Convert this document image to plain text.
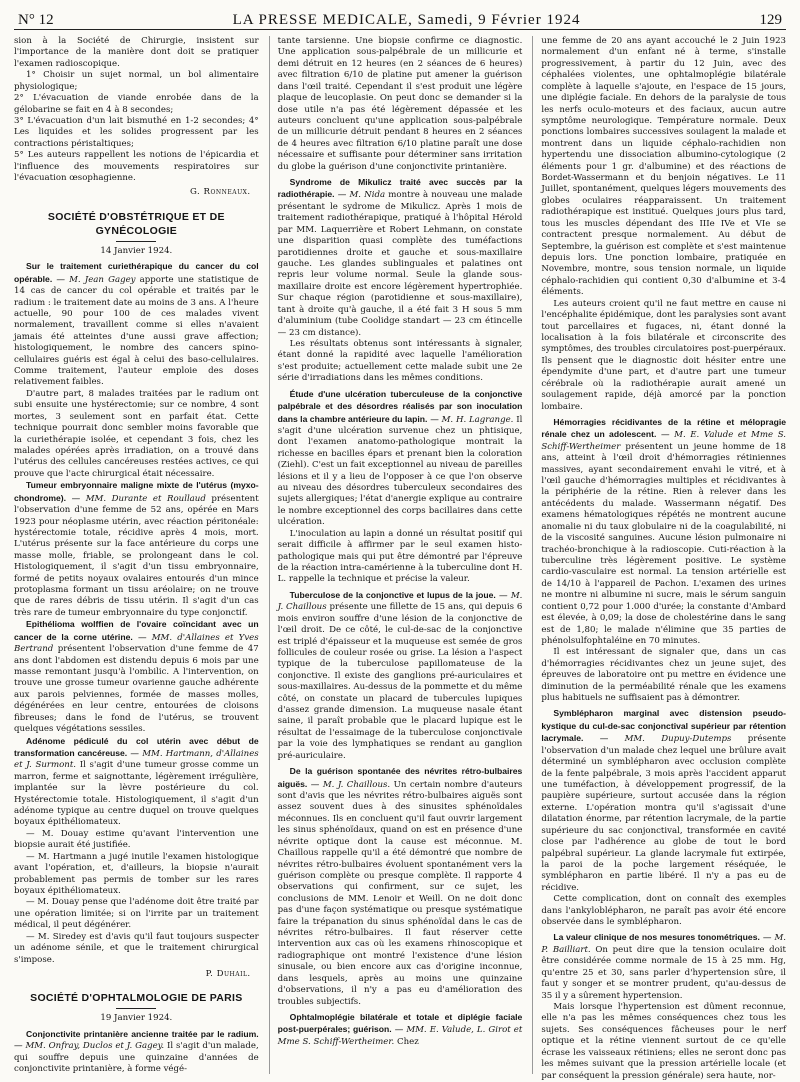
N° 12	LA PRESSE MEDICALE, Samedi, 9 Février 1924	129

sion à la Société de Chirurgie, insistent sur l'importance de la manière dont doit se pratiquer l'examen radioscopique.

1° Choisir un sujet normal, un bol alimentaire physiologique;

2° L'évacuation de viande enrobée dans de la gélobarine se fait en 4 à 8 secondes;

3° L'évacuation d'un lait bismuthé en 1-2 secondes; 4° Les liquides et les solides progressent par les contractions péristaltiques;

5° Les auteurs rappellent les notions de l'épicardia et l'influence des mouvements respiratoires sur l'évacuation œsophagienne.

G. Ronneaux.
SOCIÉTÉ D'OBSTÉTRIQUE ET DE GYNÉCOLOGIE
14 Janvier 1924.

Sur le traitement curiethérapique du cancer du col opérable. — M. Jean Gagey apporte une statistique de 14 cas de cancer du col opérable et traités par le radium : le traitement date au moins de 3 ans. A l'heure actuelle, 90 pour 100 de ces malades vivent normalement, travaillent comme si elles n'avaient jamais été atteintes d'une aussi grave affection; histologiquement, le nombre des cancers spino-cellulaires guéris est égal à celui des baso-cellulaires. Comme traitement, l'auteur emploie des doses relativement faibles.

D'autre part, 8 malades traitées par le radium ont subi ensuite une hystérectomie; sur ce nombre, 4 sont mortes, 3 seulement sont en parfait état. Cette technique pourrait donc sembler moins favorable que la curiethérapie isolée, et cependant 3 fois, chez les malades opérées après irradiation, on a trouvé dans l'utérus des cellules cancéreuses restées actives, ce qui prouve que l'acte chirurgical était nécessaire.

Tumeur embryonnaire maligne mixte de l'utérus (myxo-chondrome). — MM. Durante et Roullaud présentent l'observation d'une femme de 52 ans, opérée en Mars 1923 pour néoplasme utérin, avec réaction péritonéale: hystérectomie totale, récidive après 4 mois, mort. L'utérus présente sur la face antérieure du corps une masse molle, friable, se prolongeant dans le col. Histologiquement, il s'agit d'un tissu embryonnaire, formé de petits noyaux ovalaires entourés d'un mince protoplasma formant un tissu aréolaire; on ne trouve que de rares débris de tissu utérin. Il s'agit d'un cas très rare de tumeur embryonnaire du type conjonctif.

Epithélioma wolffien de l'ovaire coïncidant avec un cancer de la corne utérine. — MM. d'Allaines et Yves Bertrand présentent l'observation d'une femme de 47 ans dont l'abdomen est distendu depuis 6 mois par une masse remontant jusqu'à l'ombilic. A l'intervention, on trouve une grosse tumeur ovarienne gauche adhérente aux parois pelviennes, formée de masses molles, dégénérées en leur centre, entourées de cloisons fibreuses; dans le fond de l'utérus, se trouvent quelques végétations sessiles.

Adénome pédiculé du col utérin avec début de transformation cancéreuse. — MM. Hartmann, d'Allaines et J. Surmont. Il s'agit d'une tumeur grosse comme un marron, ferme et saignottante, légèrement irrégulière, implantée sur la lèvre postérieure du col. Hystérectomie totale. Histologiquement, il s'agit d'un adénome typique au centre duquel on trouve quelques boyaux épithéliomateux.

— M. Douay estime qu'avant l'intervention une biopsie aurait été justifiée.

— M. Hartmann a jugé inutile l'examen histologique avant l'opération, et, d'ailleurs, la biopsie n'aurait probablement pas permis de tomber sur les rares boyaux épithéliomateux.

— M. Douay pense que l'adénome doit être traité par une opération limitée; si on l'irrite par un traitement médical, il peut dégénérer.

— M. Siredey est d'avis qu'il faut toujours suspecter un adénome sénile, et que le traitement chirurgical s'impose.

P. Duhail.
SOCIÉTÉ D'OPHTALMOLOGIE DE PARIS
19 Janvier 1924.

Conjonctivite printanière ancienne traitée par le radium. — MM. Onfray, Duclos et J. Gagey. Il s'agit d'un malade, qui souffre depuis une quinzaine d'années de conjonctivite printanière, à forme végé-

tante tarsienne. Une biopsie confirme ce diagnostic. Une application sous-palpébrale de un millicurie et demi détruit en 12 heures (en 2 séances de 6 heures) avec filtration 6/10 de platine put amener la guérison dans l'œil traité. Cependant il s'est produit une légère plaque de leucoplasie. On peut donc se demander si la dose utile n'a pas été légèrement dépassée et les auteurs concluent qu'une application sous-palpébrale de un millicurie détruit pendant 8 heures en 2 séances de 4 heures avec filtration 6/10 platine paraît une dose nécessaire et suffisante pour déterminer sans irritation du globe la guérison d'une conjonctivite printanière.

Syndrome de Mikulicz traité avec succès par la radiothérapie. — M. Nida montre à nouveau une malade présentant le sydrome de Mikulicz. Après 1 mois de traitement radiothérapique, pratiqué à l'hôpital Hérold par MM. Laquerrière et Robert Lehmann, on constate une disparition quasi complète des tuméfactions parotidiennes droite et gauche et sous-maxillaire gauche. Les glandes sublinguales et palatines ont repris leur volume normal. Seule la glande sous-maxillaire droite est encore légèrement hypertrophiée. Sur chaque région (parotidienne et sous-maxillaire), tant à droite qu'à gauche, il a été fait 3 H sous 5 mm d'aluminium (tube Coolidge standart — 23 cm étincelle — 23 cm distance).

Les résultats obtenus sont intéressants à signaler, étant donné la rapidité avec laquelle l'amélioration s'est produite; actuellement cette malade subit une 2e série d'irradiations dans les mêmes conditions.

Étude d'une ulcération tuberculeuse de la conjonctive palpébrale et des désordres réalisés par son inoculation dans la chambre antérieure du lapin. — M. H. Lagrange. Il s'agit d'une ulcération survenue chez un phtisique, dont l'examen anatomo-pathologique montrait la richesse en bacilles épars et prenant bien la coloration (Ziehl). C'est un fait exceptionnel au niveau de pareilles lésions et il y a lieu de l'opposer à ce que l'on observe au niveau des désordres tuberculeux secondaires des sujets allergiques; l'état d'anergie explique au contraire le nombre exceptionnel des corps bacillaires dans cette ulcération.

L'inoculation au lapin a donné un résultat positif qui serait difficile à affirmer par le seul examen histo-pathologique mais qui put être démontré par l'épreuve de la réaction intra-camérienne à la tuberculine dont H. L. rappelle la technique et précise la valeur.

Tuberculose de la conjonctive et lupus de la joue. — M. J. Chaillous présente une fillette de 15 ans, qui depuis 6 mois environ souffre d'une lésion de la conjonctive de l'œil droit. De ce côté, le cul-de-sac de la conjonctive est triplé d'épaisseur et la muqueuse est semée de gros follicules de couleur rosée ou grise. La lésion a l'aspect typique de la tuberculose papillomateuse de la conjonctive. Il existe des ganglions pré-auriculaires et sous-maxillaires. Au-dessus de la pommette et du même côté, on constate un placard de tubercules lupiques d'assez grande dimension. La muqueuse nasale étant saine, il paraît probable que le placard lupique est le résultat de l'essaimage de la tuberculose conjonctivale par la voie des lymphatiques se rendant au ganglion pré-auriculaire.

De la guérison spontanée des névrites rétro-bulbaires aiguës. — M. J. Chaillous. Un certain nombre d'auteurs sont d'avis que les névrites rétro-bulbaires aiguës sont assez souvent dues à des sinusites sphénoïdales méconnues. Ils en concluent qu'il faut ouvrir largement les sinus sphénoïdaux, quand on est en présence d'une névrite optique dont la cause est méconnue. M. Chaillous rappelle qu'il a été démontré que nombre de névrites rétro-bulbaires évoluent spontanément vers la guérison complète ou presque complète. Il rapporte 4 observations qui confirment, sur ce sujet, les conclusions de MM. Lenoir et Weill. On ne doit donc pas d'une façon systématique ou presque systématique faire la trépanation du sinus sphénoïdal dans le cas de névrites rétro-bulbaires. Il faut réserver cette intervention aux cas où les examens rhinoscopique et radiographique ont montré l'existence d'une lésion sinusale, ou bien encore aux cas d'origine inconnue, dans lesquels, après au moins une quinzaine d'observations, il n'y a pas eu d'amélioration des troubles subjectifs.

Ophtalmoplégie bilatérale et totale et diplégie faciale post-puerpérales; guérison. — MM. E. Valude, L. Girot et Mme S. Schiff-Wertheimer. Chez

une femme de 20 ans ayant accouché le 2 Juin 1923 normalement d'un enfant né à terme, s'installe progressivement, à partir du 12 Juin, avec des céphalées violentes, une ophtalmoplégie bilatérale complète à laquelle s'ajoute, en l'espace de 15 jours, une diplégie faciale. En dehors de la paralysie de tous les nerfs oculo-moteurs et des faciaux, aucun autre symptôme neurologique. Température normale. Deux ponctions lombaires successives soulagent la malade et montrent dans un liquide céphalo-rachidien non hypertendu une dissociation albumino-cytologique (2 éléments pour 1 gr. d'albumine) et des réactions de Bordet-Wassermann et du benjoin négatives. Le 11 Juillet, spontanément, quelques légers mouvements des globes oculaires réapparaissent. Un traitement radiothérapique est institué. Quelques jours plus tard, tous les muscles dépendant des IIIe IVe et VIe se contractent presque normalement. Au début de Septembre, la guérison est complète et s'est maintenue depuis lors. Une ponction lombaire, pratiquée en Novembre, montre, sous tension normale, un liquide céphalo-rachidien qui contient 0,30 d'albumine et 3-4 éléments.

Les auteurs croient qu'il ne faut mettre en cause ni l'encéphalite épidémique, dont les paralysies sont avant tout parcellaires et fugaces, ni, étant donné la localisation à la fois bilatérale et circonscrite des symptômes, des troubles circulatoires post-puerpéraux. Ils pensent que le diagnostic doit hésiter entre une épendymite d'une part, et d'autre part une tumeur cérébrale où la radiothérapie aurait amené un soulagement rapide, déjà amorcé par la ponction lombaire.

Hémorragies récidivantes de la rétine et mélopragie rénale chez un adolescent. — M. E. Valude et Mme S. Schiff-Wertheimer présentent un jeune homme de 18 ans, atteint à l'œil droit d'hémorragies rétiniennes massives, ayant secondairement envahi le vitré, et à l'œil gauche d'hémorragies multiples et récidivantes à la périphérie de la rétine. Rien à relever dans les antécédents du malade. Wassermann négatif. Des examens hématologiques répétés ne montrent aucune anomalie ni du taux globulaire ni de la coagulabilité, ni de la viscosité sanguines. Aucune lésion pulmonaire ni trachéo-bronchique à la radioscopie. Cuti-réaction à la tuberculine très légèrement positive. Le système cardio-vasculaire est normal. La tension artérielle est de 14/10 à l'appareil de Pachon. L'examen des urines ne montre ni albumine ni sucre, mais le sérum sanguin contient 0,72 pour 1.000 d'urée; la constante d'Ambard est élevée, à 0,09; la dose de cholestérine dans le sang est de 1,80; le malade n'élimine que 35 parties de phénolsulfophtaléine en 70 minutes.

Il est intéressant de signaler que, dans un cas d'hémorragies récidivantes chez un jeune sujet, des épreuves de laboratoire ont pu mettre en évidence une diminution de la perméabilité rénale que les examens plus habituels ne suffisaient pas à démontrer.

Symblépharon marginal avec distension pseudo-kystique du cul-de-sac conjonctival supérieur par rétention lacrymale. — MM. Dupuy-Dutemps présente l'observation d'un malade chez lequel une brûlure avait déterminé un symblépharon avec occlusion complète de la fente palpébrale, 3 mois après l'accident apparut une tuméfaction, à développement progressif, de la paupière supérieure, surtout accusée dans la région externe. L'opération montra qu'il s'agissait d'une dilatation énorme, par rétention lacrymale, de la partie supérieure du sac conjonctival, transformée en cavité close par l'adhérence au globe de tout le bord palpébral supérieur. La glande lacrymale fut extirpée, la paroi de la poche largement réséquée, le symblépharon en partie libéré. Il n'y a pas eu de récidive.

Cette complication, dont on connaît des exemples dans l'ankyloblépharon, ne paraît pas avoir été encore observée dans le symblépharon.

La valeur clinique de nos mesures tonométriques. — M. P. Bailliart. On peut dire que la tension oculaire doit être considérée comme normale de 15 à 25 mm. Hg, qu'entre 25 et 30, sans parler d'hypertension sûre, il faut y songer et se montrer prudent, qu'au-dessus de 35 il y a sûrement hypertension.

Mais lorsque l'hypertension est dûment reconnue, elle n'a pas les mêmes conséquences chez tous les sujets. Ses conséquences fâcheuses pour le nerf optique et la rétine viennent surtout de ce qu'elle écrase les vaisseaux rétiniens; elles ne seront donc pas les mêmes suivant que la pression artérielle locale (et par conséquent la pression générale) sera haute, nor-
